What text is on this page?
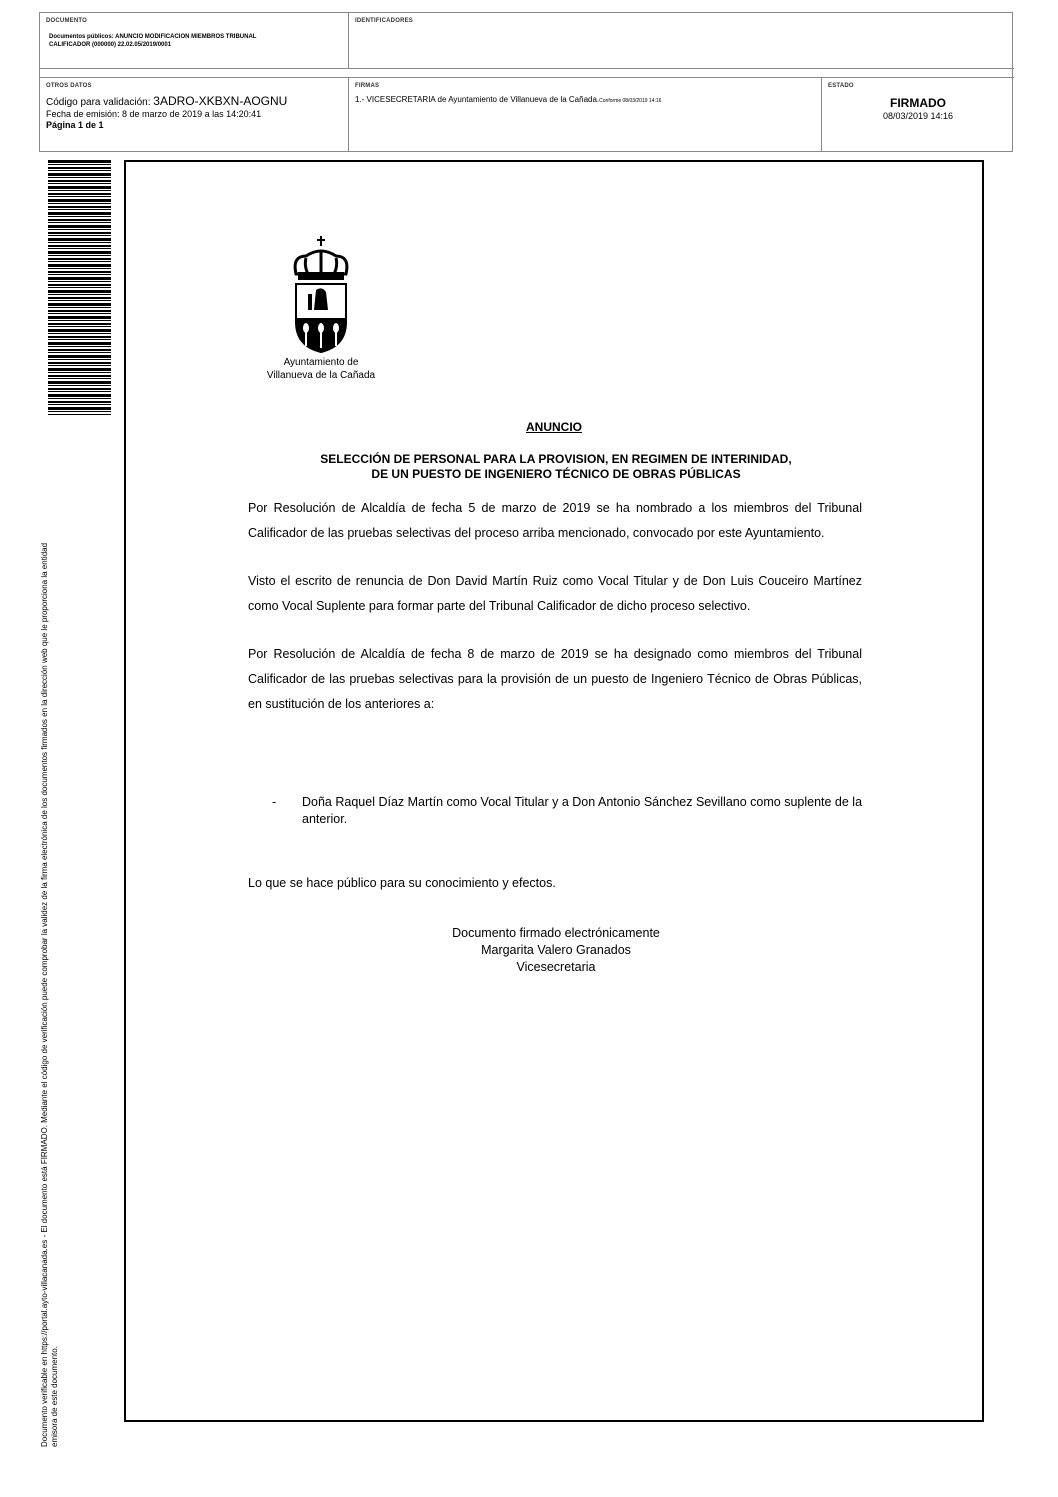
DOCUMENTO
Documentos públicos: ANUNCIO MODIFICACION MIEMBROS TRIBUNAL
CALIFICADOR (000000) 22.02.05/2019/0001
IDENTIFICADORES
OTROS DATOS
Código para validación: 3ADRO-XKBXN-AOGNU
Fecha de emisión: 8 de marzo de 2019 a las 14:20:41
Página 1 de 1
FIRMAS
1.- VICESECRETARIA de Ayuntamiento de Villanueva de la Cañada.Conforme 08/03/2019 14:16
ESTADO
FIRMADO
08/03/2019 14:16
Documento verificable en https://portal.ayto-villacanada.es - El documento está FIRMADO. Mediante el código de verificación puede comprobar la validez de la firma electrónica de los documentos firmados en la dirección web que le proporciona la entidad emisora de este documento.
Ayuntamiento de
Villanueva de la Cañada
ANUNCIO
SELECCIÓN DE PERSONAL PARA LA PROVISION, EN REGIMEN DE INTERINIDAD,
DE UN PUESTO DE INGENIERO TÉCNICO DE OBRAS PÚBLICAS

Por Resolución de Alcaldía de fecha 5 de marzo de 2019 se ha nombrado a los miembros del Tribunal Calificador de las pruebas selectivas del proceso arriba mencionado, convocado por este Ayuntamiento.

Visto el escrito de renuncia de Don David Martín Ruiz como Vocal Titular y de Don Luis Couceiro Martínez como Vocal Suplente para formar parte del Tribunal Calificador de dicho proceso selectivo.

Por Resolución de Alcaldía de fecha 8 de marzo de 2019 se ha designado como miembros del Tribunal Calificador de las pruebas selectivas para la provisión de un puesto de Ingeniero Técnico de Obras Públicas, en sustitución de los anteriores a:

- Doña Raquel Díaz Martín como Vocal Titular y a Don Antonio Sánchez Sevillano como suplente de la anterior.
Lo que se hace público para su conocimiento y efectos.
Documento firmado electrónicamente
Margarita Valero Granados
Vicesecretaria
